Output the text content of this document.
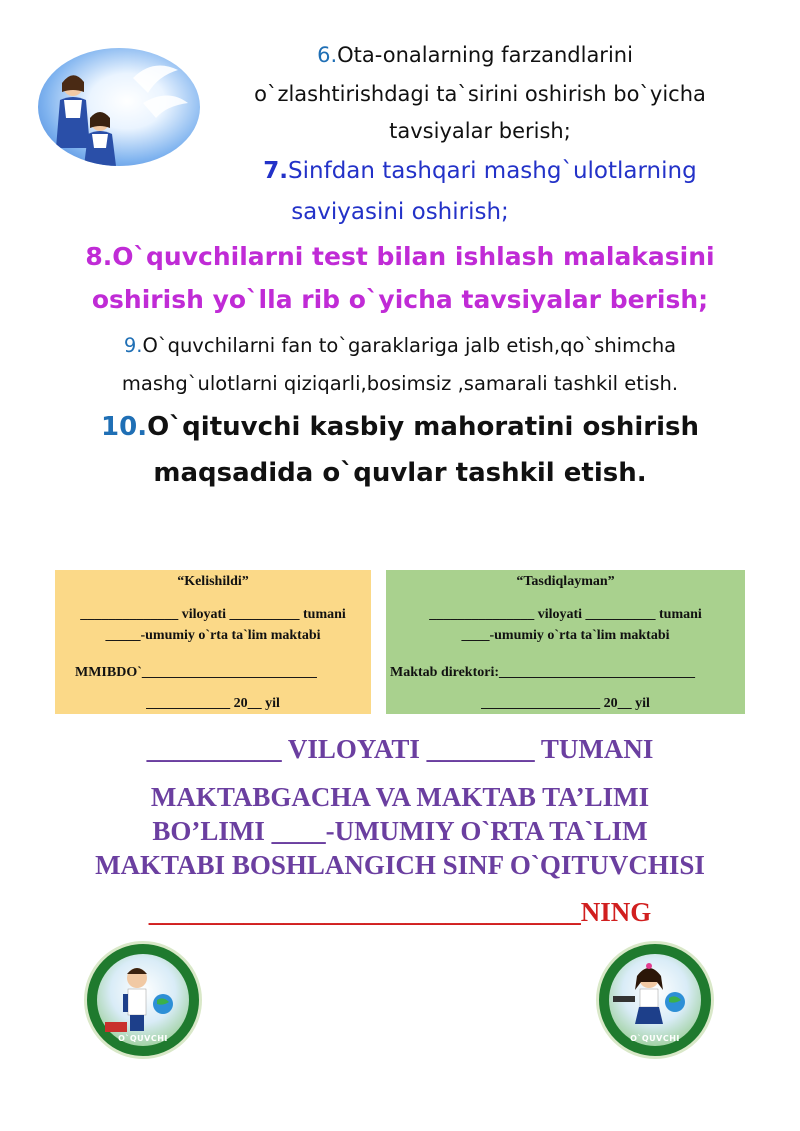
6.Ota-onalarning farzandlarini
o`zlashtirishdagi ta`sirini oshirish bo`yicha
tavsiyalar berish;
7.Sinfdan tashqari mashg`ulotlarning
saviyasini oshirish;
8.O`quvchilarni test bilan ishlash malakasini
oshirish yo`lla rib o`yicha tavsiyalar berish;
9.O`quvchilarni fan to`garaklariga jalb etish,qo`shimcha
mashg`ulotlarni qiziqarli,bosimsiz ,samarali tashkil etish.
10.O`qituvchi kasbiy mahoratini oshirish
maqsadida o`quvlar tashkil etish.
“Kelishildi”
______________ viloyati __________ tumani
_____-umumiy o`rta ta`lim maktabi
MMIBDO`_________________________
____________ 20__ yil
“Tasdiqlayman”
_______________ viloyati __________ tumani
____-umumiy o`rta ta`lim maktabi
Maktab direktori:____________________________
_________________ 20__ yil
__________ VILOYATI ________ TUMANI
MAKTABGACHA VA MAKTAB TA’LIMI
BO’LIMI ____-UMUMIY O`RTA TA`LIM
MAKTABI BOSHLANGICH SINF O`QITUVCHISI
________________________________NING
O`QUVCHI	O`QUVCHI
